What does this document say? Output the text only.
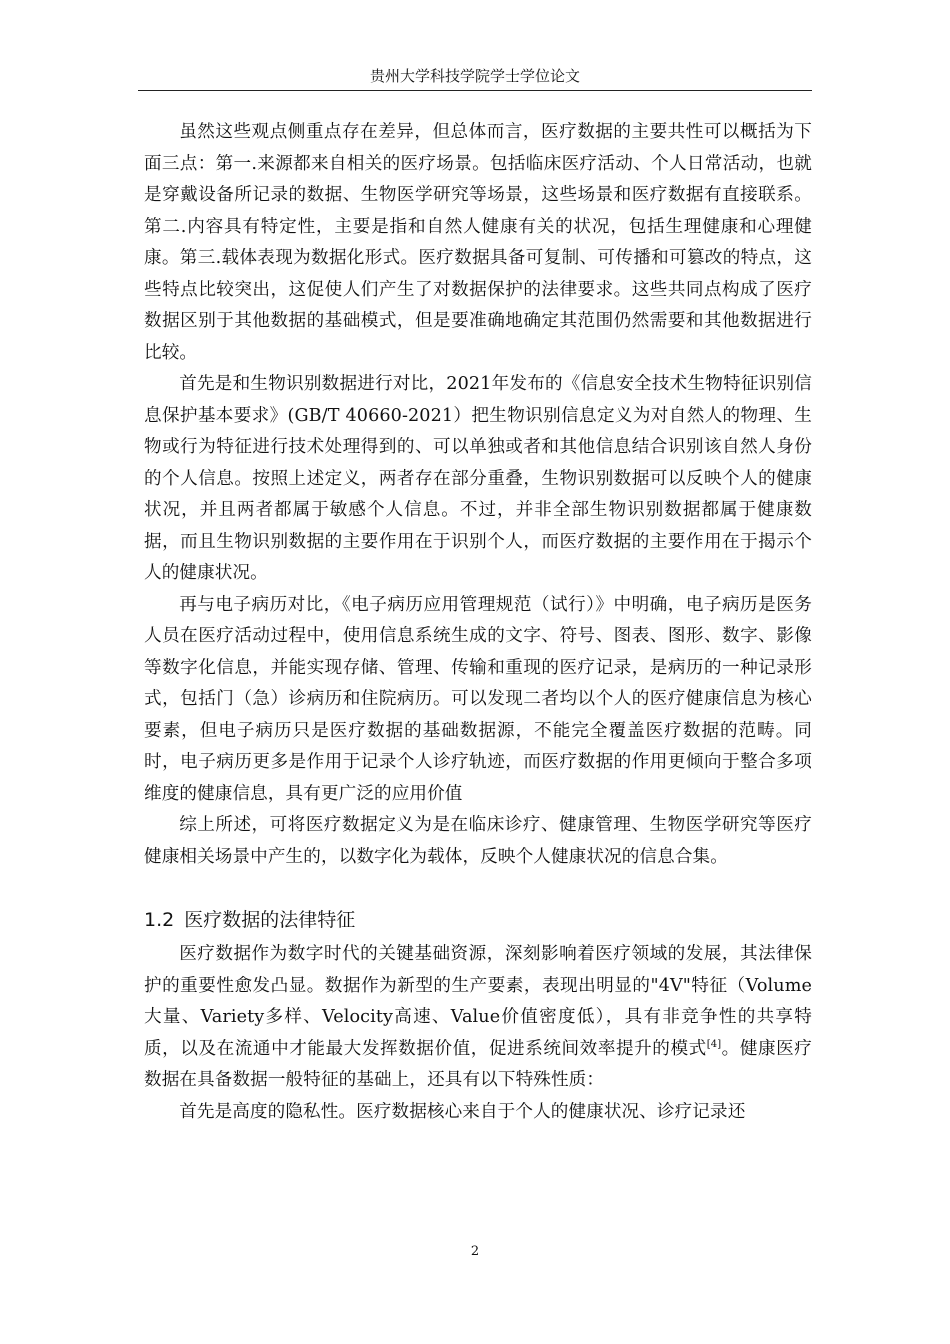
贵州大学科技学院学士学位论文

虽然这些观点侧重点存在差异，但总体而言，医疗数据的主要共性可以概括为下面三点：第一.来源都来自相关的医疗场景。包括临床医疗活动、个人日常活动，也就是穿戴设备所记录的数据、生物医学研究等场景，这些场景和医疗数据有直接联系。第二.内容具有特定性，主要是指和自然人健康有关的状况，包括生理健康和心理健康。第三.载体表现为数据化形式。医疗数据具备可复制、可传播和可篡改的特点，这些特点比较突出，这促使人们产生了对数据保护的法律要求。这些共同点构成了医疗数据区别于其他数据的基础模式，但是要准确地确定其范围仍然需要和其他数据进行比较。

首先是和生物识别数据进行对比，2021年发布的《信息安全技术生物特征识别信息保护基本要求》(GB/T 40660-2021）把生物识别信息定义为对自然人的物理、生物或行为特征进行技术处理得到的、可以单独或者和其他信息结合识别该自然人身份的个人信息。按照上述定义，两者存在部分重叠，生物识别数据可以反映个人的健康状况，并且两者都属于敏感个人信息。不过，并非全部生物识别数据都属于健康数据，而且生物识别数据的主要作用在于识别个人，而医疗数据的主要作用在于揭示个人的健康状况。

再与电子病历对比，《电子病历应用管理规范（试行）》中明确，电子病历是医务人员在医疗活动过程中，使用信息系统生成的文字、符号、图表、图形、数字、影像等数字化信息，并能实现存储、管理、传输和重现的医疗记录，是病历的一种记录形式，包括门（急）诊病历和住院病历。可以发现二者均以个人的医疗健康信息为核心要素，但电子病历只是医疗数据的基础数据源，不能完全覆盖医疗数据的范畴。同时，电子病历更多是作用于记录个人诊疗轨迹，而医疗数据的作用更倾向于整合多项维度的健康信息，具有更广泛的应用价值

综上所述，可将医疗数据定义为是在临床诊疗、健康管理、生物医学研究等医疗健康相关场景中产生的，以数字化为载体，反映个人健康状况的信息合集。

1.2 医疗数据的法律特征

医疗数据作为数字时代的关键基础资源，深刻影响着医疗领域的发展，其法律保护的重要性愈发凸显。数据作为新型的生产要素，表现出明显的"4V"特征（Volume大量、Variety多样、Velocity高速、Value价值密度低），具有非竞争性的共享特质，以及在流通中才能最大发挥数据价值，促进系统间效率提升的模式[4]。健康医疗数据在具备数据一般特征的基础上，还具有以下特殊性质：

首先是高度的隐私性。医疗数据核心来自于个人的健康状况、诊疗记录还

2
